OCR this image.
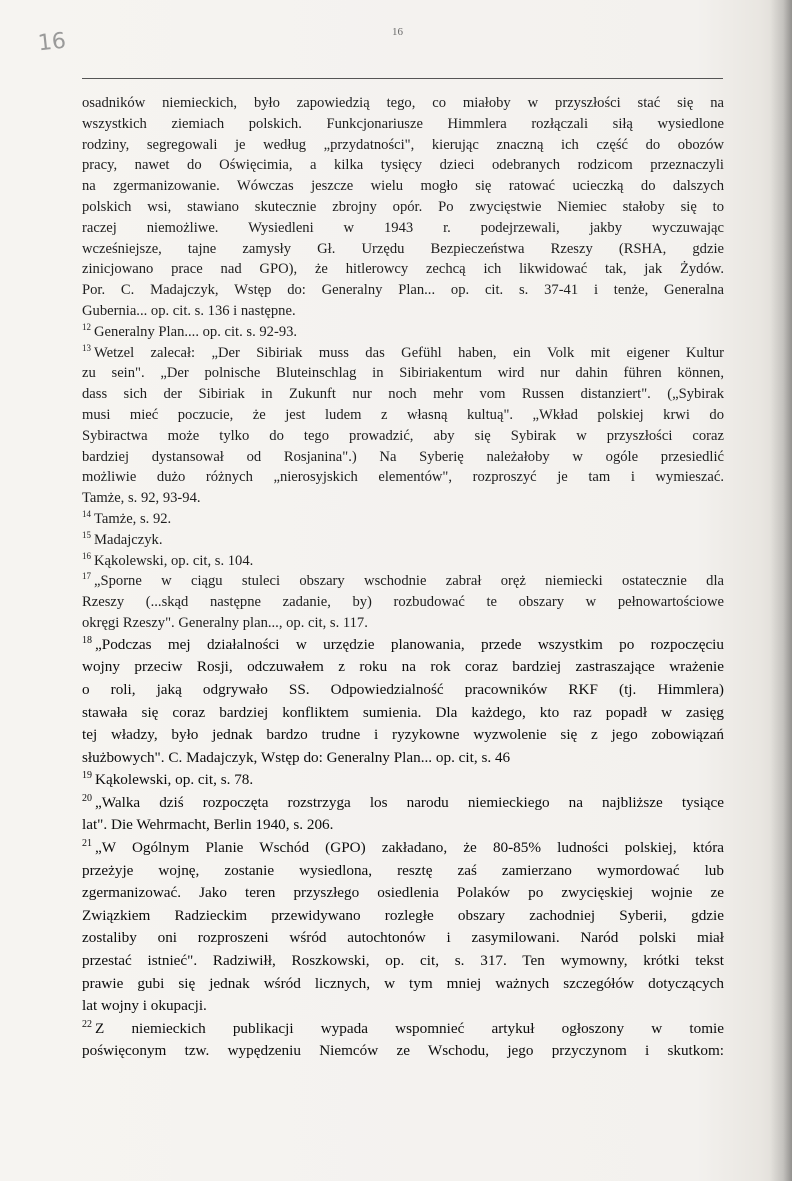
16	16
osadników niemieckich, było zapowiedzią tego, co miałoby w przyszłości stać się na
wszystkich ziemiach polskich. Funkcjonariusze Himmlera rozłączali siłą wysiedlone
rodziny, segregowali je według „przydatności", kierując znaczną ich część do obozów
pracy, nawet do Oświęcimia, a kilka tysięcy dzieci odebranych rodzicom przeznaczyli
na zgermanizowanie. Wówczas jeszcze wielu mogło się ratować ucieczką do dalszych
polskich wsi, stawiano skutecznie zbrojny opór. Po zwycięstwie Niemiec stałoby się to
raczej niemożliwe. Wysiedleni w 1943 r. podejrzewali, jakby wyczuwając
wcześniejsze, tajne zamysły Gł. Urzędu Bezpieczeństwa Rzeszy (RSHA, gdzie
zinicjowano prace nad GPO), że hitlerowcy zechcą ich likwidować tak, jak Żydów.
Por. C. Madajczyk, Wstęp do: Generalny Plan... op. cit. s. 37-41 i tenże, Generalna
Gubernia... op. cit. s. 136 i następne.
$^{12}$ Generalny Plan.... op. cit. s. 92-93.
$^{13}$ Wetzel zalecał: „Der Sibiriak muss das Gefühl haben, ein Volk mit eigener Kultur
zu sein". „Der polnische Bluteinschlag in Sibiriakentum wird nur dahin führen können,
dass sich der Sibiriak in Zukunft nur noch mehr vom Russen distanziert". („Sybirak
musi mieć poczucie, że jest ludem z własną kultuą". „Wkład polskiej krwi do
Sybiractwa może tylko do tego prowadzić, aby się Sybirak w przyszłości coraz
bardziej dystansował od Rosjanina".) Na Syberię należałoby w ogóle przesiedlić
możliwie dużo różnych „nierosyjskich elementów", rozproszyć je tam i wymieszać.
Tamże, s. 92, 93-94.
$^{14}$ Tamże, s. 92.
$^{15}$ Madajczyk.
$^{16}$ Kąkolewski, op. cit, s. 104.
$^{17}$ „Sporne w ciągu stuleci obszary wschodnie zabrał oręż niemiecki ostatecznie dla
Rzeszy (...skąd następne zadanie, by) rozbudować te obszary w pełnowartościowe
okręgi Rzeszy". Generalny plan..., op. cit, s. 117.
$^{18}$ „Podczas mej działalności w urzędzie planowania, przede wszystkim po rozpoczęciu
wojny przeciw Rosji, odczuwałem z roku na rok coraz bardziej zastraszające wrażenie
o roli, jaką odgrywało SS. Odpowiedzialność pracowników RKF (tj. Himmlera)
stawała się coraz bardziej konfliktem sumienia. Dla każdego, kto raz popadł w zasięg
tej władzy, było jednak bardzo trudne i ryzykowne wyzwolenie się z jego zobowiązań
służbowych". C. Madajczyk, Wstęp do: Generalny Plan... op. cit, s. 46
$^{19}$ Kąkolewski, op. cit, s. 78.
$^{20}$ „Walka dziś rozpoczęta rozstrzyga los narodu niemieckiego na najbliższe tysiące
lat". Die Wehrmacht, Berlin 1940, s. 206.
$^{21}$ „W Ogólnym Planie Wschód (GPO) zakładano, że 80-85% ludności polskiej, która
przeżyje wojnę, zostanie wysiedlona, resztę zaś zamierzano wymordować lub
zgermanizować. Jako teren przyszłego osiedlenia Polaków po zwycięskiej wojnie ze
Związkiem Radzieckim przewidywano rozległe obszary zachodniej Syberii, gdzie
zostaliby oni rozproszeni wśród autochtonów i zasymilowani. Naród polski miał
przestać istnieć". Radziwiłł, Roszkowski, op. cit, s. 317. Ten wymowny, krótki tekst
prawie gubi się jednak wśród licznych, w tym mniej ważnych szczegółów dotyczących
lat wojny i okupacji.
$^{22}$ Z niemieckich publikacji wypada wspomnieć artykuł ogłoszony w tomie
poświęconym tzw. wypędzeniu Niemców ze Wschodu, jego przyczynom i skutkom:
